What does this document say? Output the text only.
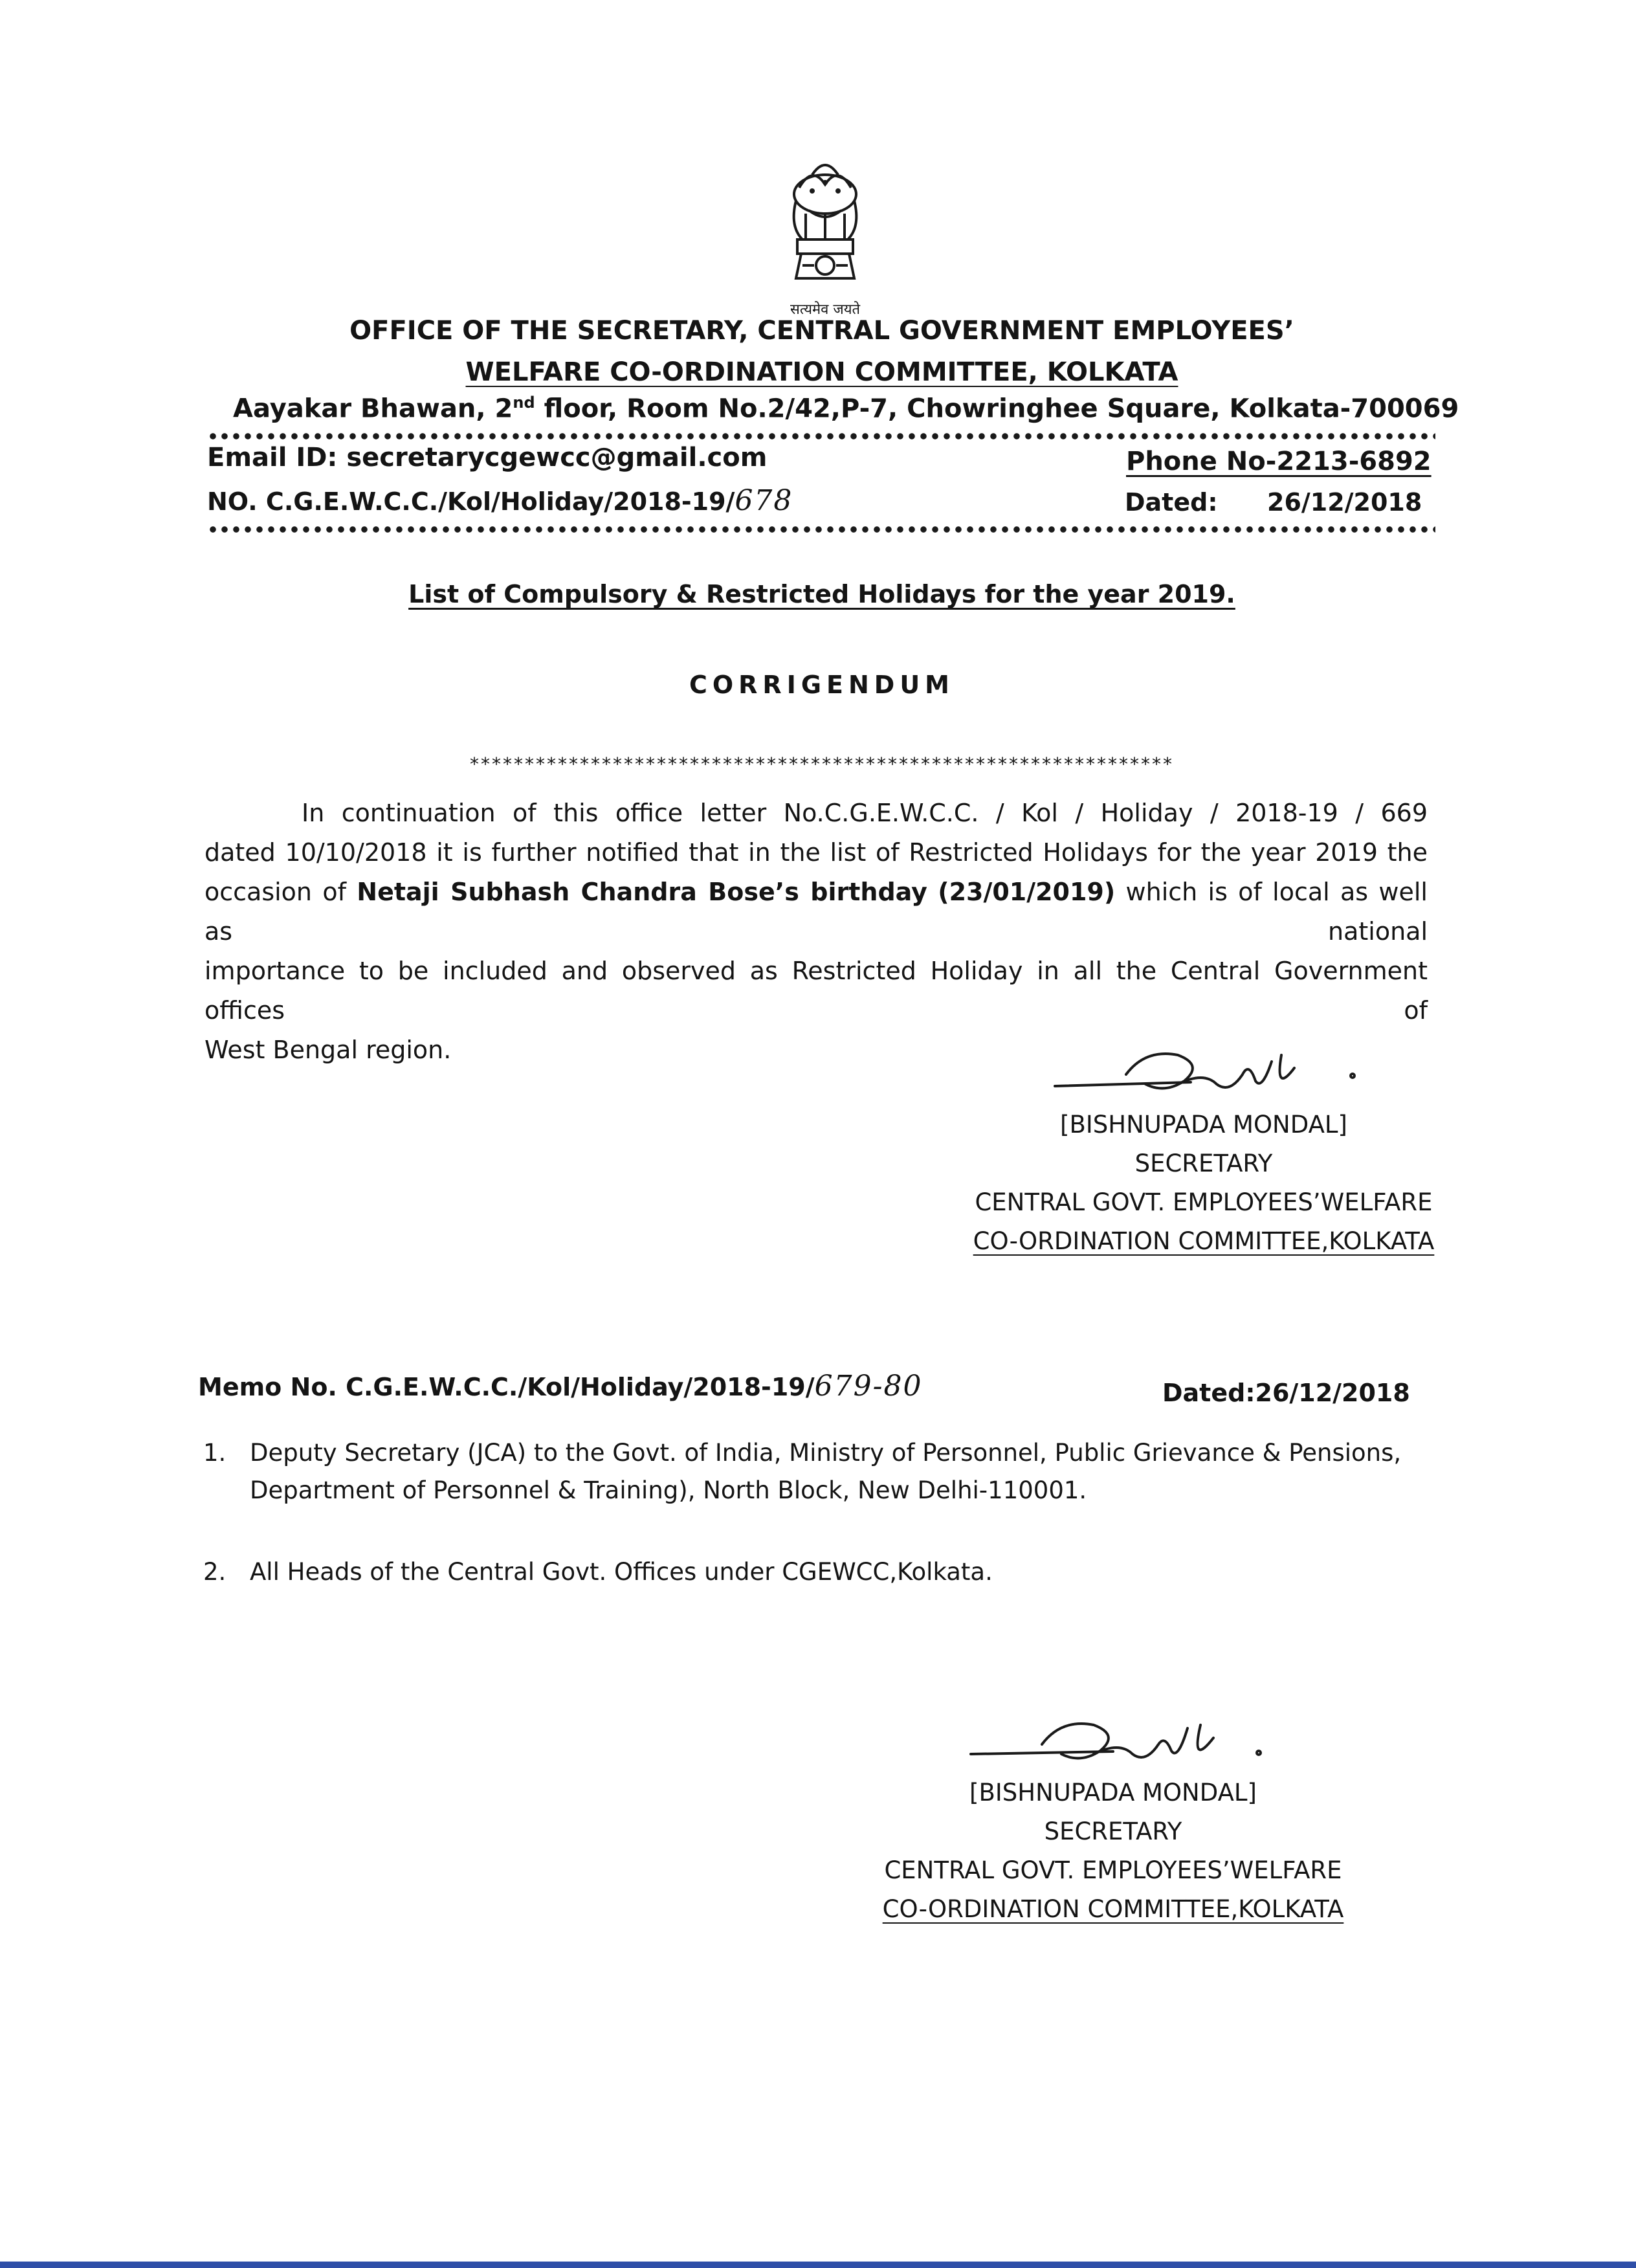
सत्यमेव जयते
OFFICE OF THE SECRETARY, CENTRAL GOVERNMENT EMPLOYEES’
WELFARE CO-ORDINATION COMMITTEE, KOLKATA
Aayakar Bhawan, 2nd floor, Room No.2/42,P-7, Chowringhee Square, Kolkata-700069
Email ID: secretarycgewcc@gmail.com	Phone No-2213-6892
NO. C.G.E.W.C.C./Kol/Holiday/2018-19/678	Dated: 26/12/2018
List of Compulsory & Restricted Holidays for the year 2019.
CORRIGENDUM
****************************************************************
In continuation of this office letter No.C.G.E.W.C.C. / Kol / Holiday / 2018-19 / 669
dated 10/10/2018 it is further notified that in the list of Restricted Holidays for the year 2019 the
occasion of Netaji Subhash Chandra Bose’s birthday (23/01/2019) which is of local as well as national
importance to be included and observed as Restricted Holiday in all the Central Government offices of
West Bengal region.
[BISHNUPADA MONDAL]
SECRETARY
CENTRAL GOVT. EMPLOYEES’WELFARE
CO-ORDINATION COMMITTEE,KOLKATA
Memo No. C.G.E.W.C.C./Kol/Holiday/2018-19/679-80	Dated:26/12/2018
1. Deputy Secretary (JCA) to the Govt. of India, Ministry of Personnel, Public Grievance & Pensions,
Department of Personnel & Training), North Block, New Delhi-110001.
2. All Heads of the Central Govt. Offices under CGEWCC,Kolkata.
[BISHNUPADA MONDAL]
SECRETARY
CENTRAL GOVT. EMPLOYEES’WELFARE
CO-ORDINATION COMMITTEE,KOLKATA
